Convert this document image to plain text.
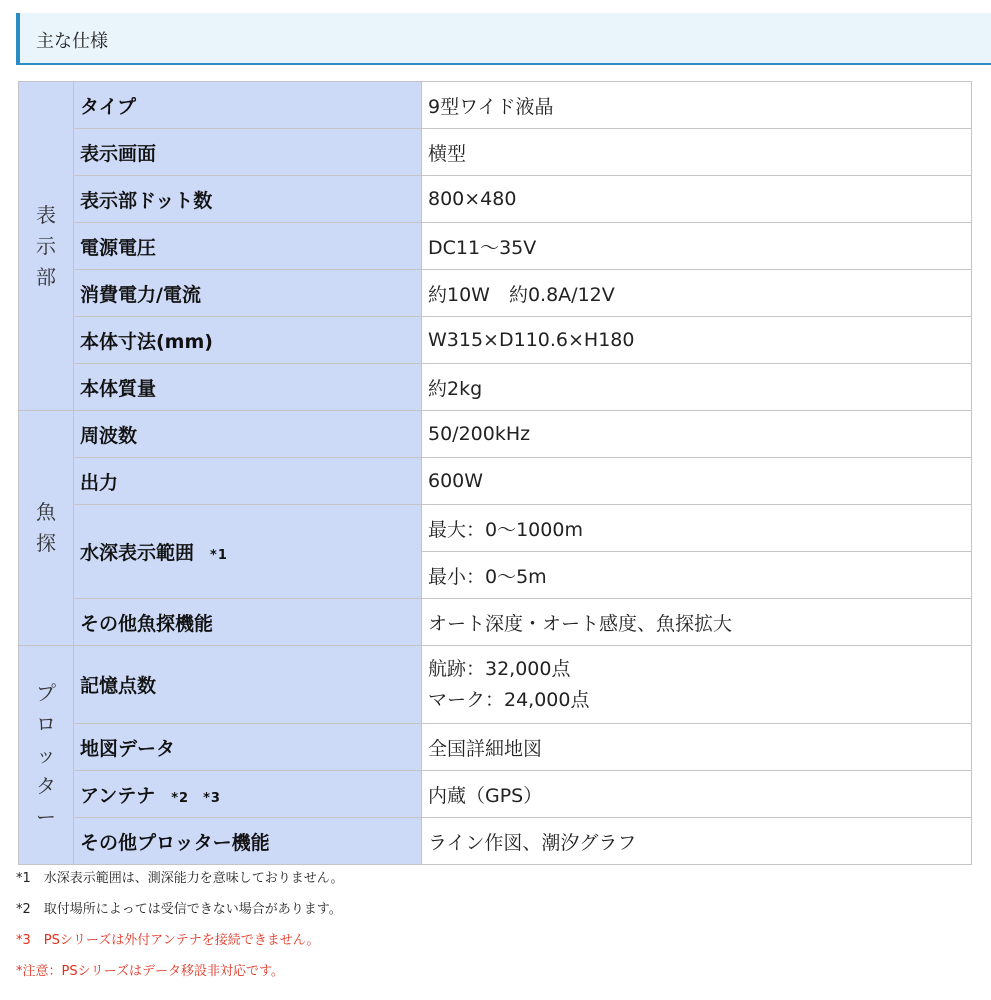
主な仕様
表示部	タイプ	9型ワイド液晶
	表示画面	横型
	表示部ドット数	800×480
	電源電圧	DC11～35V
	消費電力/電流	約10W　約0.8A/12V
	本体寸法(mm)	W315×D110.6×H180
	本体質量	約2kg
魚探	周波数	50/200kHz
	出力	600W
	水深表示範囲 *1	最大：0～1000m
		最小：0～5m
	その他魚探機能	オート深度・オート感度、魚探拡大
プロッター	記憶点数	航跡：32,000点
マーク：24,000点

	地図データ	全国詳細地図
	アンテナ *2　*3	内蔵（GPS）
	その他プロッター機能	ライン作図、潮汐グラフ
*1　水深表示範囲は、測深能力を意味しておりません。
*2　取付場所によっては受信できない場合があります。
*3　PSシリーズは外付アンテナを接続できません。
*注意：PSシリーズはデータ移設非対応です。
